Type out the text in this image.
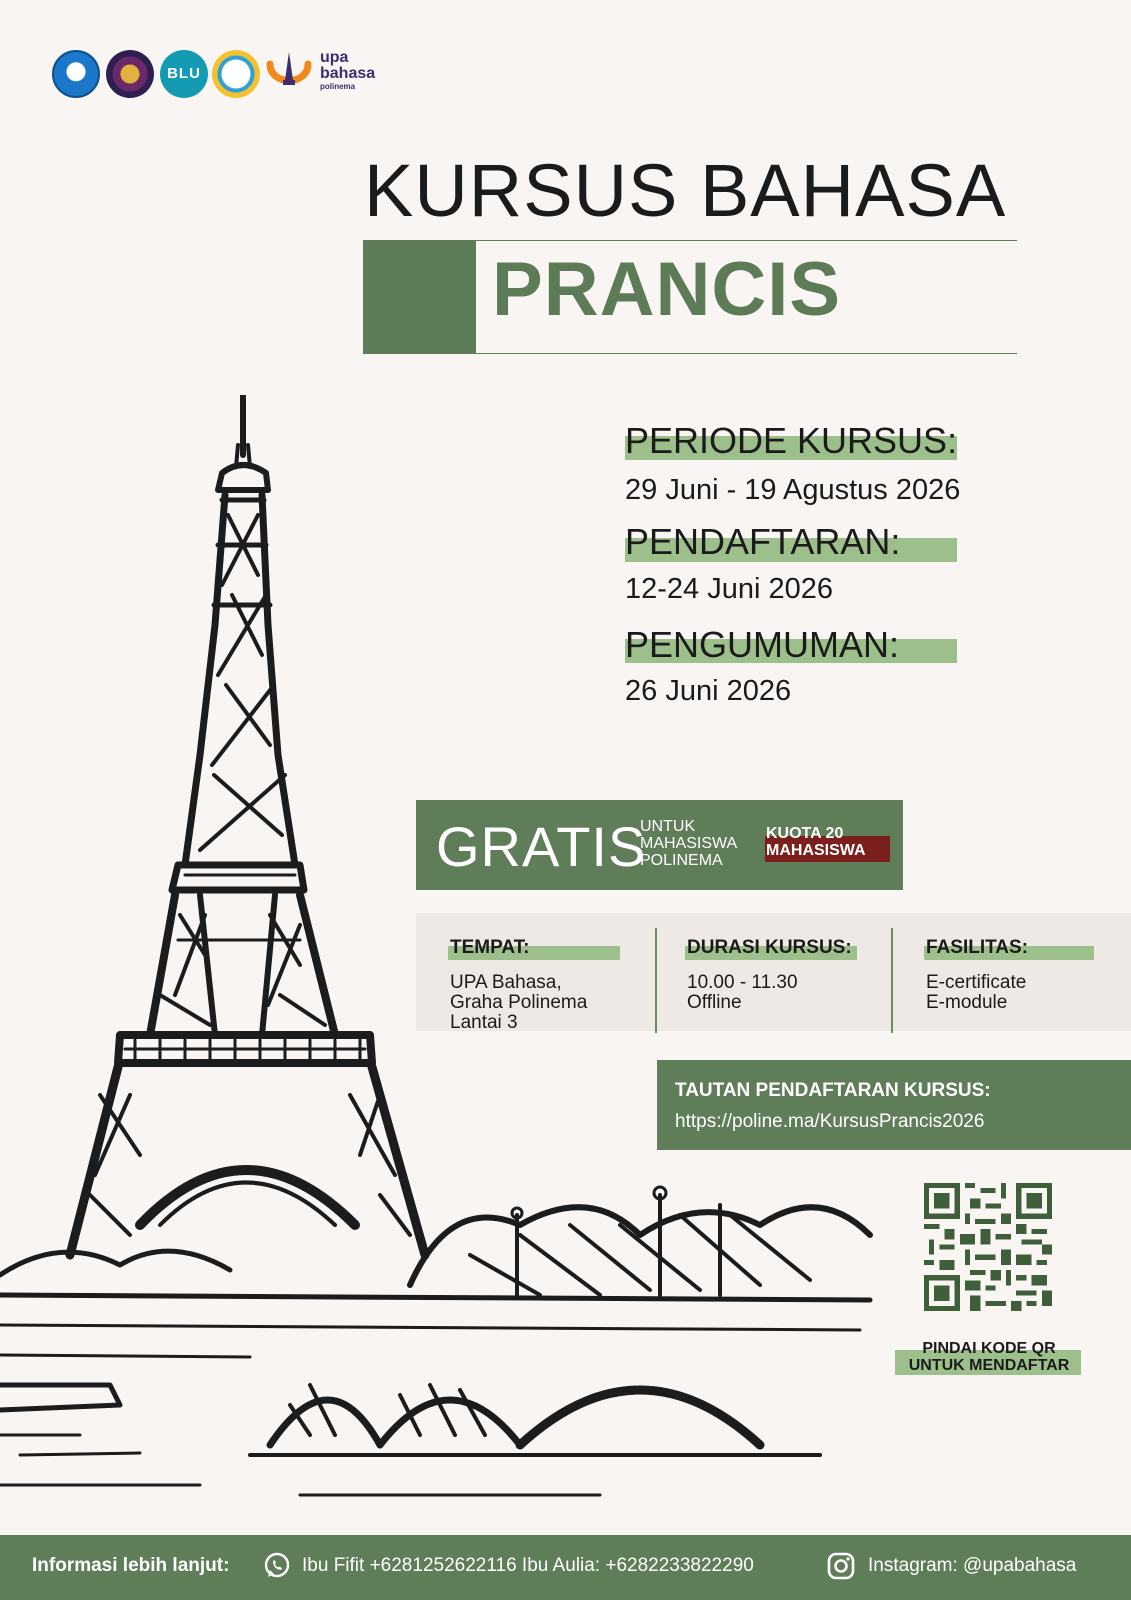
BLU
upa
bahasa
polinema
KURSUS BAHASA
PRANCIS
PERIODE KURSUS:
29 Juni - 19 Agustus 2026
PENDAFTARAN:
12-24 Juni 2026
PENGUMUMAN:
26 Juni 2026
GRATIS
UNTUK
MAHASISWA
POLINEMA
KUOTA 20
MAHASISWA
TEMPAT:
UPA Bahasa,
Graha Polinema
Lantai 3
DURASI KURSUS:
10.00 - 11.30
Offline
FASILITAS:
E-certificate
E-module
TAUTAN PENDAFTARAN KURSUS:
https://poline.ma/KursusPrancis2026
PINDAI KODE QR
UNTUK MENDAFTAR
Informasi lebih lanjut:	Ibu Fifit +6281252622116 Ibu Aulia: +6282233822290	Instagram: @upabahasa
